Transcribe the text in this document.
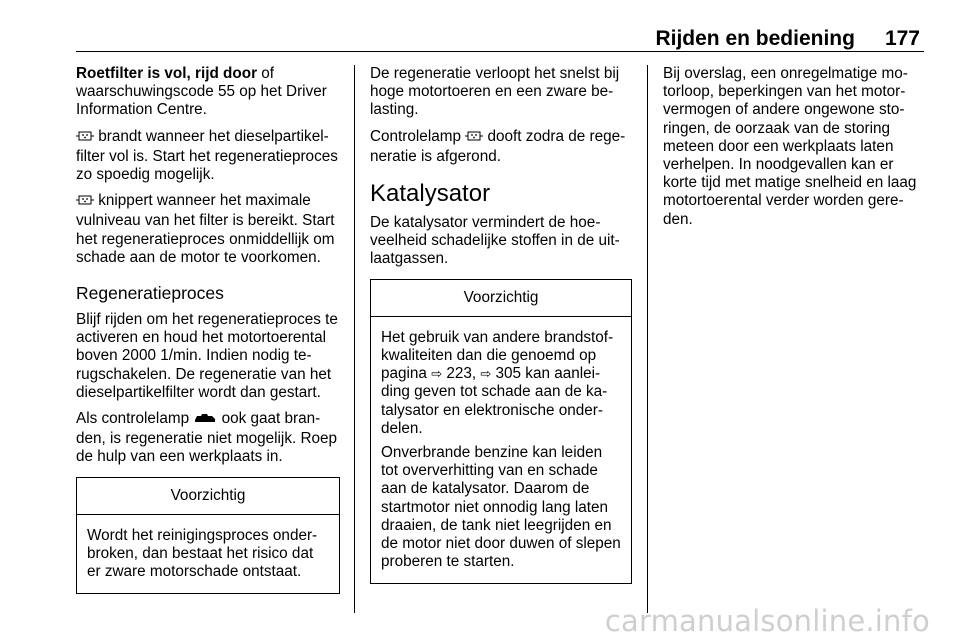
Rijden en bediening 177

Roetfilter is vol, rijd door of waarschuwingscode 55 op het Driver Information Centre.

brandt wanneer het dieselpartikelfilter vol is. Start het regeneratieproces zo spoedig mogelijk.

knippert wanneer het maximale vulniveau van het filter is bereikt. Start het regeneratieproces onmiddellijk om schade aan de motor te voorkomen.

Regeneratieproces

Blijf rijden om het regeneratieproces te activeren en houd het motortoerental boven 2000 1/min. Indien nodig terugschakelen. De regeneratie van het dieselpartikelfilter wordt dan gestart.

Als controlelamp  ook gaat branden, is regeneratie niet mogelijk. Roep de hulp van een werkplaats in.

Voorzichtig

Wordt het reinigingsproces onderbroken, dan bestaat het risico dat er zware motorschade ontstaat.

De regeneratie verloopt het snelst bij hoge motortoeren en een zware belasting.

Controlelamp  dooft zodra de regeneratie is afgerond.

Katalysator

De katalysator vermindert de hoeveelheid schadelijke stoffen in de uitlaatgassen.

Voorzichtig

Het gebruik van andere brandstofkwaliteiten dan die genoemd op pagina ⇨ 223, ⇨ 305 kan aanleiding geven tot schade aan de katalysator en elektronische onderdelen.

Onverbrande benzine kan leiden tot oververhitting van en schade aan de katalysator. Daarom de startmotor niet onnodig lang laten draaien, de tank niet leegrijden en de motor niet door duwen of slepen proberen te starten.

Bij overslag, een onregelmatige motorloop, beperkingen van het motorvermogen of andere ongewone storingen, de oorzaak van de storing meteen door een werkplaats laten verhelpen. In noodgevallen kan er korte tijd met matige snelheid en laag motortoerental verder worden gereden.

carmanualsonline.info
